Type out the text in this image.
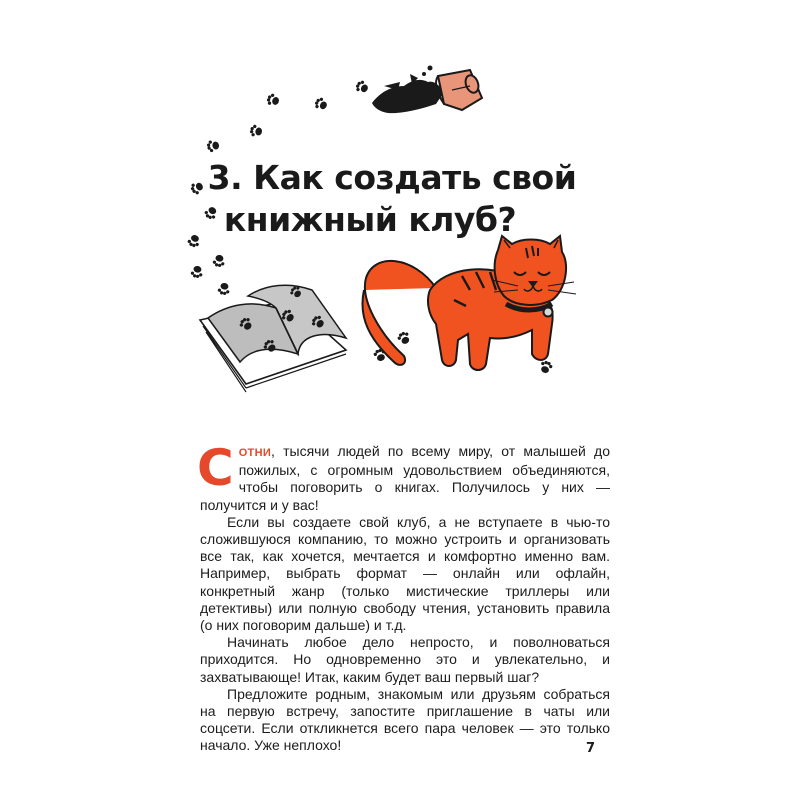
3. Как создать свой
книжный клуб?

СОТНИ, тысячи людей по всему миру, от малышей до пожилых, с огромным удовольствием объединяются, чтобы поговорить о книгах. Получилось у них — получится и у вас!

Если вы создаете свой клуб, а не вступаете в чью-то сложившуюся компанию, то можно устроить и организовать все так, как хочется, мечтается и комфортно именно вам. Например, выбрать формат — онлайн или офлайн, конкретный жанр (только мистические триллеры или детективы) или полную свободу чтения, установить правила (о них поговорим дальше) и т.д.

Начинать любое дело непросто, и поволноваться приходится. Но одновременно это и увлекательно, и захватывающе! Итак, каким будет ваш первый шаг?

Предложите родным, знакомым или друзьям собраться на первую встречу, запостите приглашение в чаты или соцсети. Если откликнется всего пара человек — это только начало. Уже неплохо!	7
